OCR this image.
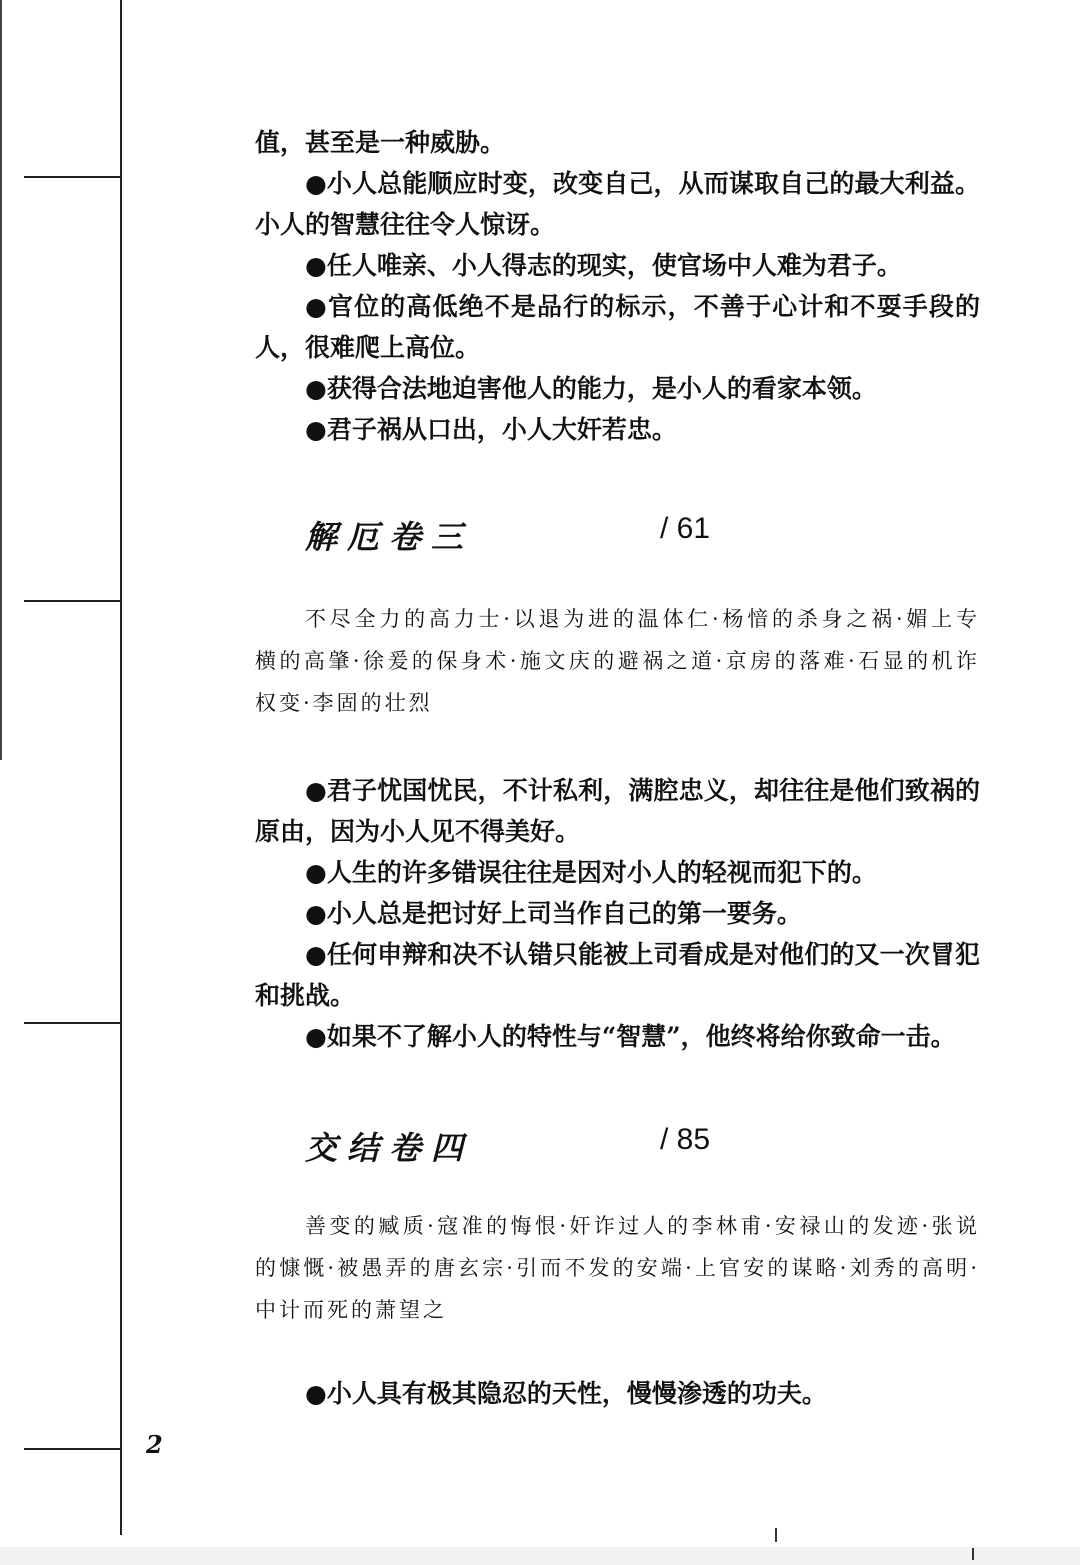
值，甚至是一种威胁。

●小人总能顺应时变，改变自己，从而谋取自己的最大利益。小人的智慧往往令人惊讶。

●任人唯亲、小人得志的现实，使官场中人难为君子。

●官位的高低绝不是品行的标示，不善于心计和不耍手段的人，很难爬上高位。

●获得合法地迫害他人的能力，是小人的看家本领。

●君子祸从口出，小人大奸若忠。

解厄卷三	/ 61

不尽全力的高力士·以退为进的温体仁·杨愔的杀身之祸·媚上专横的高肇·徐爰的保身术·施文庆的避祸之道·京房的落难·石显的机诈权变·李固的壮烈

●君子忧国忧民，不计私利，满腔忠义，却往往是他们致祸的原由，因为小人见不得美好。

●人生的许多错误往往是因对小人的轻视而犯下的。

●小人总是把讨好上司当作自己的第一要务。

●任何申辩和决不认错只能被上司看成是对他们的又一次冒犯和挑战。

●如果不了解小人的特性与“智慧”，他终将给你致命一击。

交结卷四	/ 85

善变的臧质·寇准的悔恨·奸诈过人的李林甫·安禄山的发迹·张说的慷慨·被愚弄的唐玄宗·引而不发的安端·上官安的谋略·刘秀的高明·中计而死的萧望之

●小人具有极其隐忍的天性，慢慢渗透的功夫。

2
